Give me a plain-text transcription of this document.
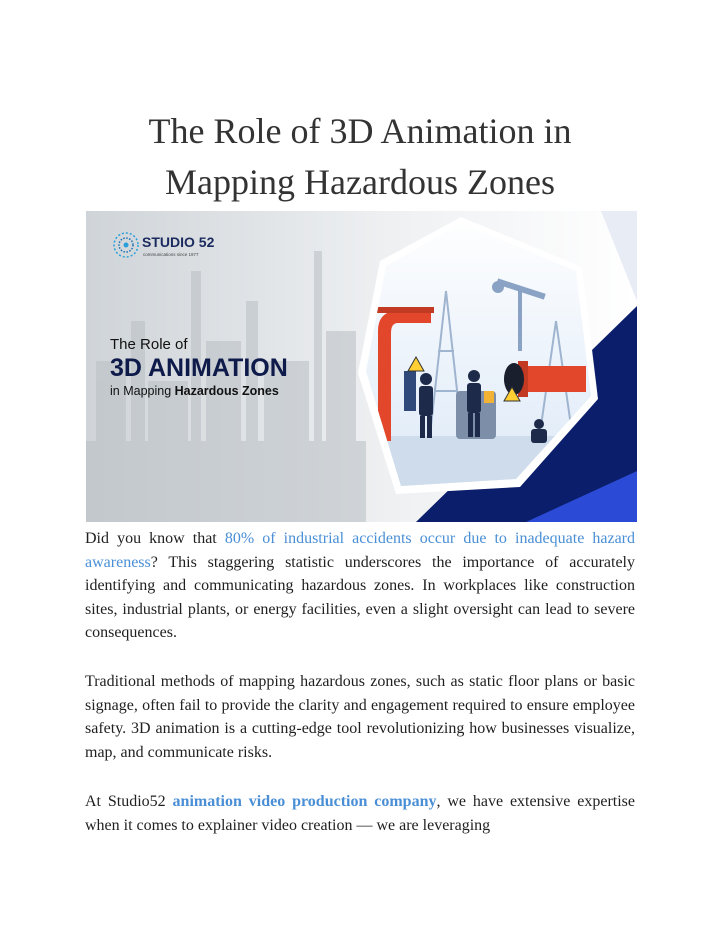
The Role of 3D Animation in
Mapping Hazardous Zones
STUDIO 52
communications since 1977
The Role of
3D ANIMATION
in Mapping Hazardous Zones

Did you know that 80% of industrial accidents occur due to inadequate hazard awareness? This staggering statistic underscores the importance of accurately identifying and communicating hazardous zones. In workplaces like construction sites, industrial plants, or energy facilities, even a slight oversight can lead to severe consequences.

Traditional methods of mapping hazardous zones, such as static floor plans or basic signage, often fail to provide the clarity and engagement required to ensure employee safety. 3D animation is a cutting-edge tool revolutionizing how businesses visualize, map, and communicate risks.

At Studio52 animation video production company, we have extensive expertise when it comes to explainer video creation — we are leveraging
